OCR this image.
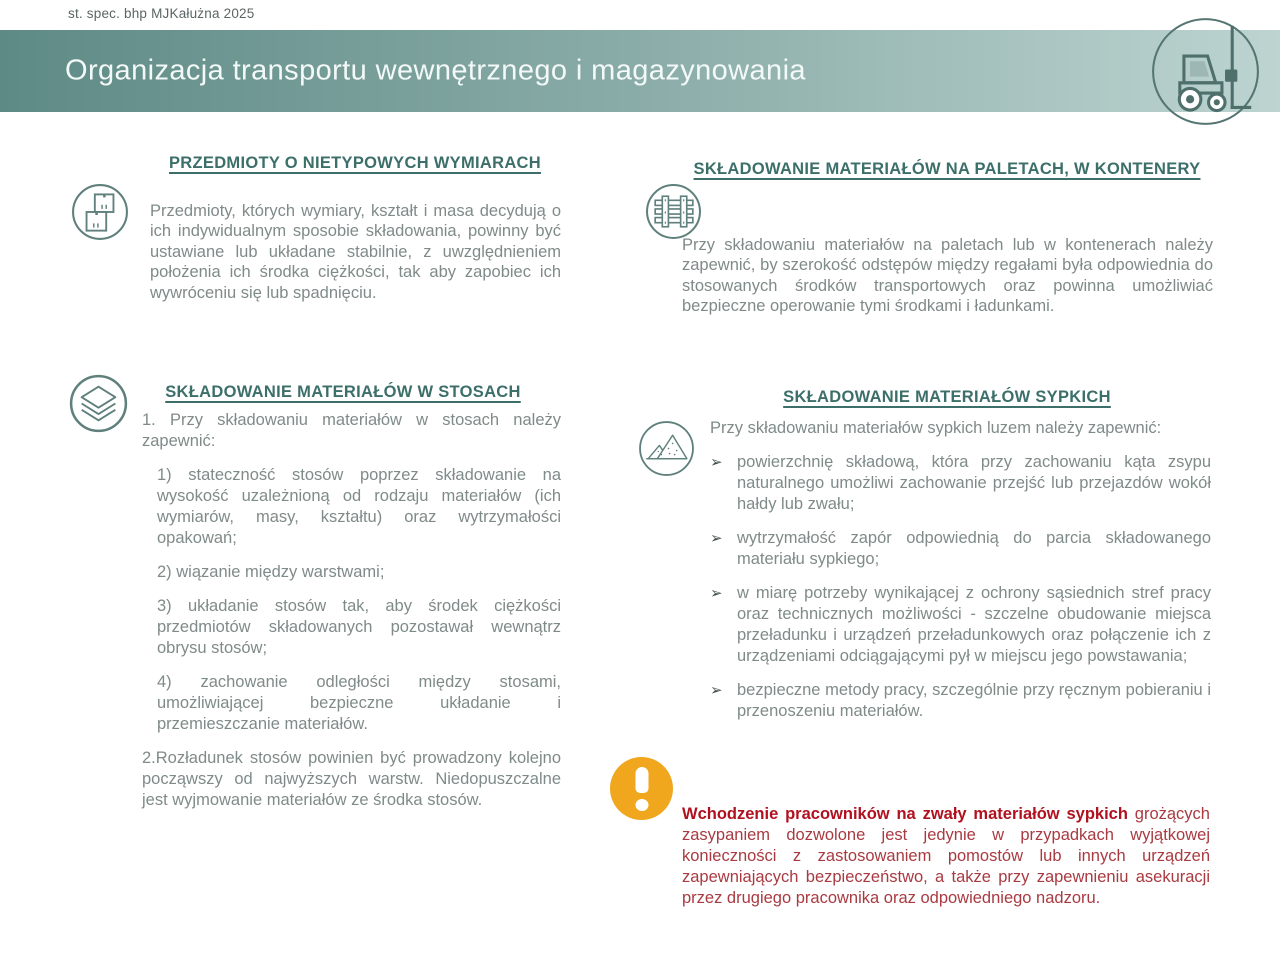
st. spec. bhp MJKałużna 2025
Organizacja transportu wewnętrznego i magazynowania
PRZEDMIOTY O NIETYPOWYCH WYMIARACH

Przedmioty, których wymiary, kształt i masa decydują o ich indywidualnym sposobie składowania, powinny być ustawiane lub układane stabilnie, z uwzględnieniem położenia ich środka ciężkości, tak aby zapobiec ich wywróceniu się lub spadnięciu.

SKŁADOWANIE MATERIAŁÓW W STOSACH

1. Przy składowaniu materiałów w stosach należy zapewnić:

1) stateczność stosów poprzez składowanie na wysokość uzależnioną od rodzaju materiałów (ich wymiarów, masy, kształtu) oraz wytrzymałości opakowań;

2) wiązanie między warstwami;

3) układanie stosów tak, aby środek ciężkości przedmiotów składowanych pozostawał wewnątrz obrysu stosów;

4) zachowanie odległości między stosami, umożliwiającej bezpieczne układanie i przemieszczanie materiałów.

2.Rozładunek stosów powinien być prowadzony kolejno począwszy od najwyższych warstw. Niedopuszczalne jest wyjmowanie materiałów ze środka stosów.

SKŁADOWANIE MATERIAŁÓW NA PALETACH, W KONTENERY

Przy składowaniu materiałów na paletach lub w kontenerach należy zapewnić, by szerokość odstępów między regałami była odpowiednia do stosowanych środków transportowych oraz powinna umożliwiać bezpieczne operowanie tymi środkami i ładunkami.

SKŁADOWANIE MATERIAŁÓW SYPKICH

Przy składowaniu materiałów sypkich luzem należy zapewnić:

➢ powierzchnię składową, która przy zachowaniu kąta zsypu naturalnego umożliwi zachowanie przejść lub przejazdów wokół hałdy lub zwału;
➢ wytrzymałość zapór odpowiednią do parcia składowanego materiału sypkiego;
➢ w miarę potrzeby wynikającej z ochrony sąsiednich stref pracy oraz technicznych możliwości - szczelne obudowanie miejsca przeładunku i urządzeń przeładunkowych oraz połączenie ich z urządzeniami odciągającymi pył w miejscu jego powstawania;
➢ bezpieczne metody pracy, szczególnie przy ręcznym pobieraniu i przenoszeniu materiałów.

Wchodzenie pracowników na zwały materiałów sypkich grożących zasypaniem dozwolone jest jedynie w przypadkach wyjątkowej konieczności z zastosowaniem pomostów lub innych urządzeń zapewniających bezpieczeństwo, a także przy zapewnieniu asekuracji przez drugiego pracownika oraz odpowiedniego nadzoru.
